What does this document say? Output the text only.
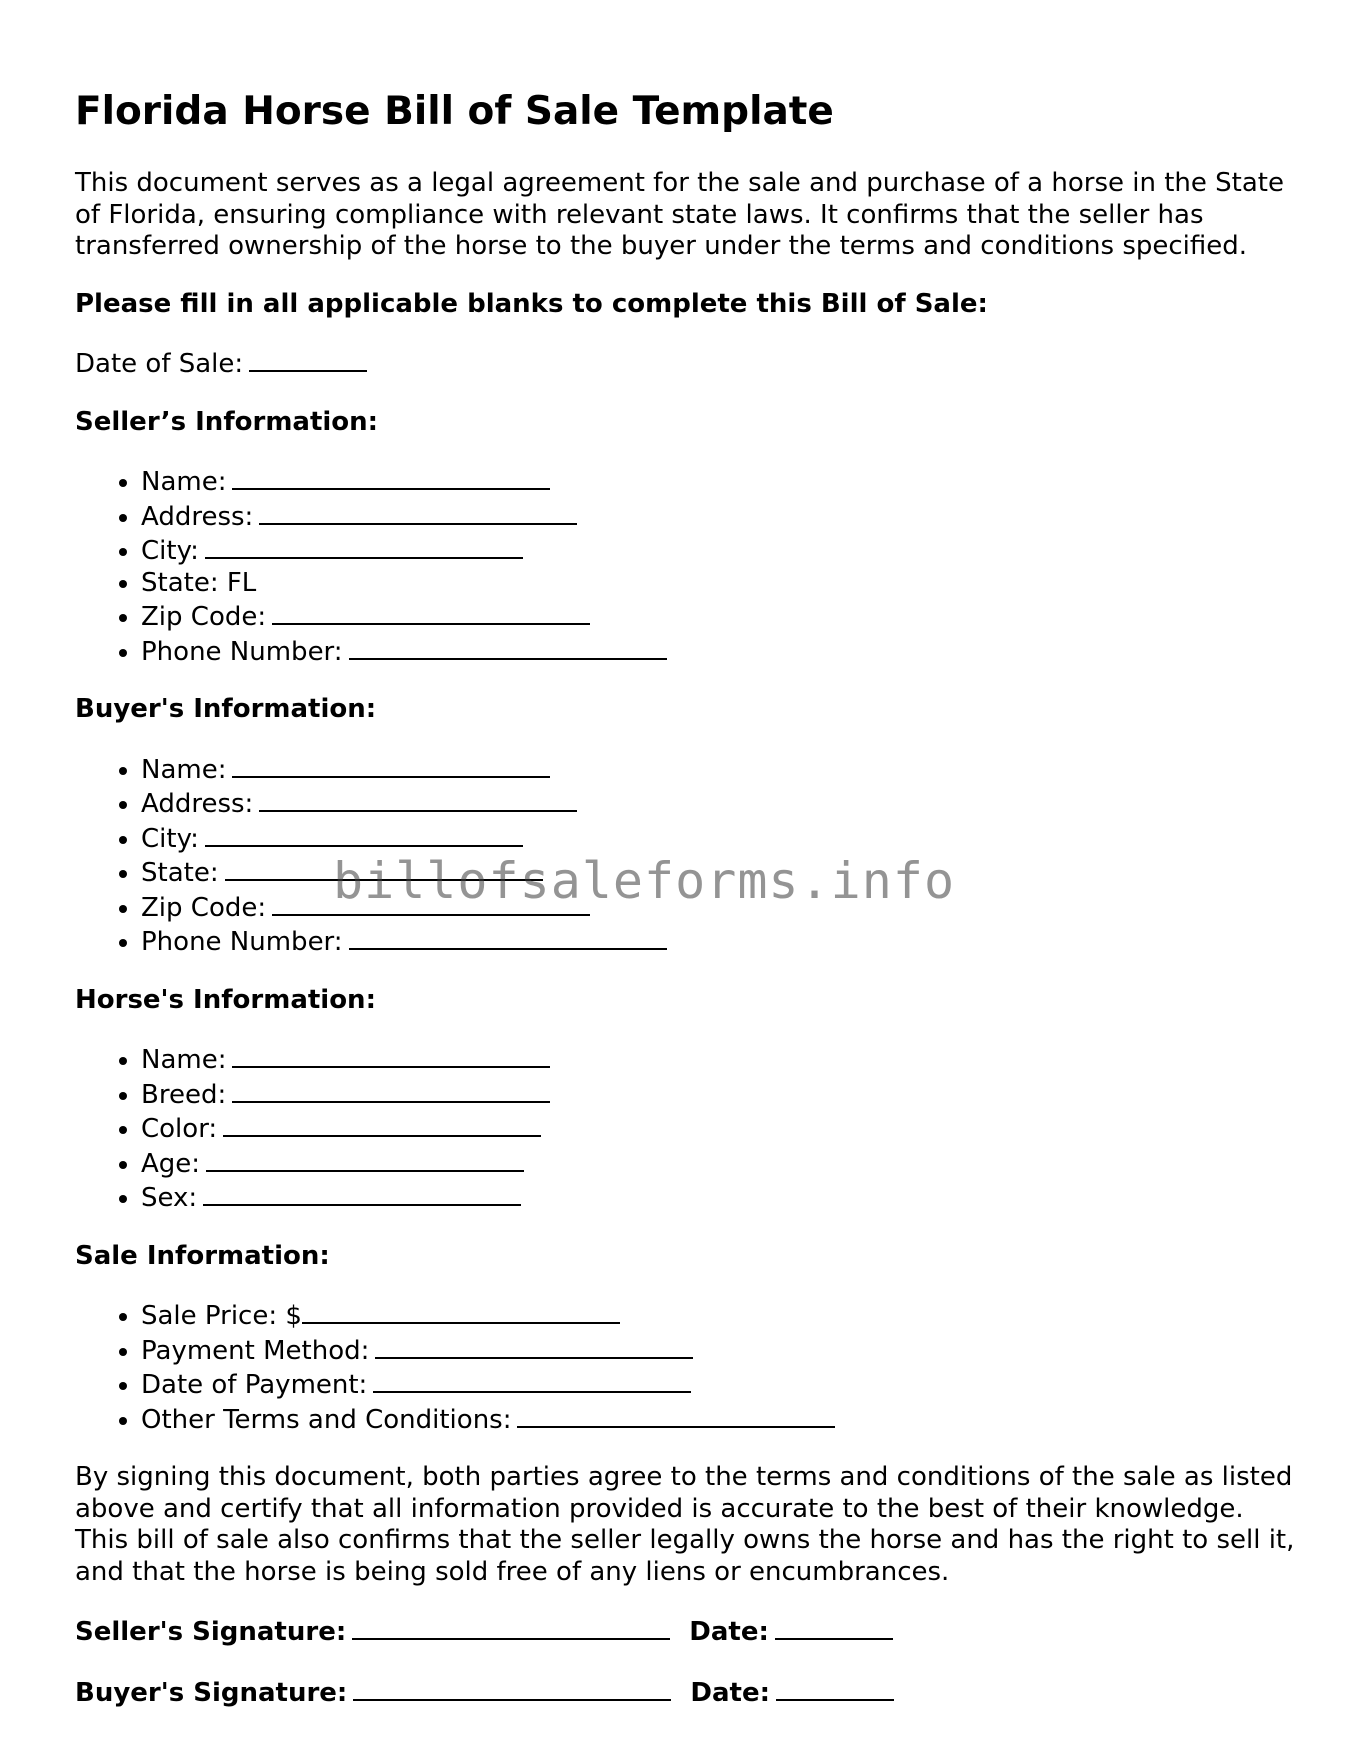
Florida Horse Bill of Sale Template

This document serves as a legal agreement for the sale and purchase of a horse in the State of Florida, ensuring compliance with relevant state laws. It confirms that the seller has transferred ownership of the horse to the buyer under the terms and conditions specified.

Please fill in all applicable blanks to complete this Bill of Sale:

Date of Sale:

Seller’s Information:

• Name:
• Address:
• City:
• State: FL
• Zip Code:
• Phone Number:

Buyer's Information:

• Name:
• Address:
• City:
• State:
• Zip Code:
• Phone Number:

Horse's Information:

• Name:
• Breed:
• Color:
• Age:
• Sex:

Sale Information:

• Sale Price: $
• Payment Method:
• Date of Payment:
• Other Terms and Conditions:

By signing this document, both parties agree to the terms and conditions of the sale as listed above and certify that all information provided is accurate to the best of their knowledge. This bill of sale also confirms that the seller legally owns the horse and has the right to sell it, and that the horse is being sold free of any liens or encumbrances.

Seller's Signature:	Date:
Buyer's Signature:	Date:
billofsaleforms.info
